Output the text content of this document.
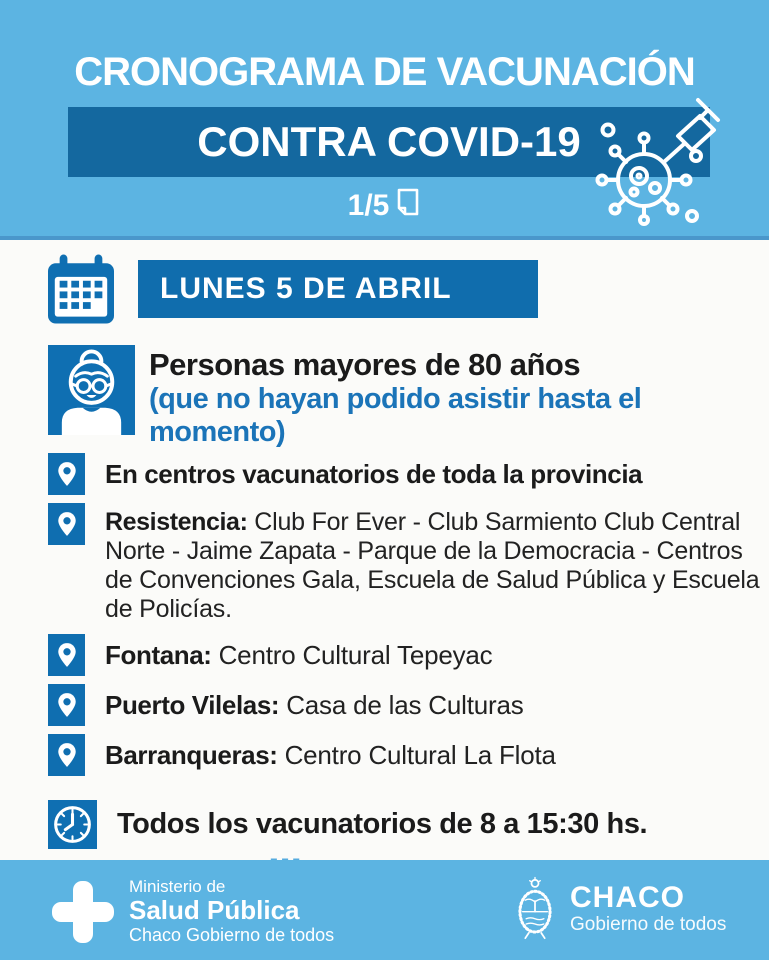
CRONOGRAMA DE VACUNACIÓN
CONTRA COVID-19
1/5
LUNES 5 DE ABRIL
Personas mayores de 80 años
(que no hayan podido asistir hasta el momento)
En centros vacunatorios de toda la provincia
Resistencia: Club For Ever - Club Sarmiento Club Central Norte - Jaime Zapata - Parque de la Democracia - Centros de Convenciones Gala, Escuela de Salud Pública y Escuela de Policías.
Fontana: Centro Cultural Tepeyac
Puerto Vilelas: Casa de las Culturas
Barranqueras: Centro Cultural La Flota
Todos los vacunatorios de 8 a 15:30 hs.
Ministerio de
Salud Pública
Chaco Gobierno de todos
CHACO
Gobierno de todos
